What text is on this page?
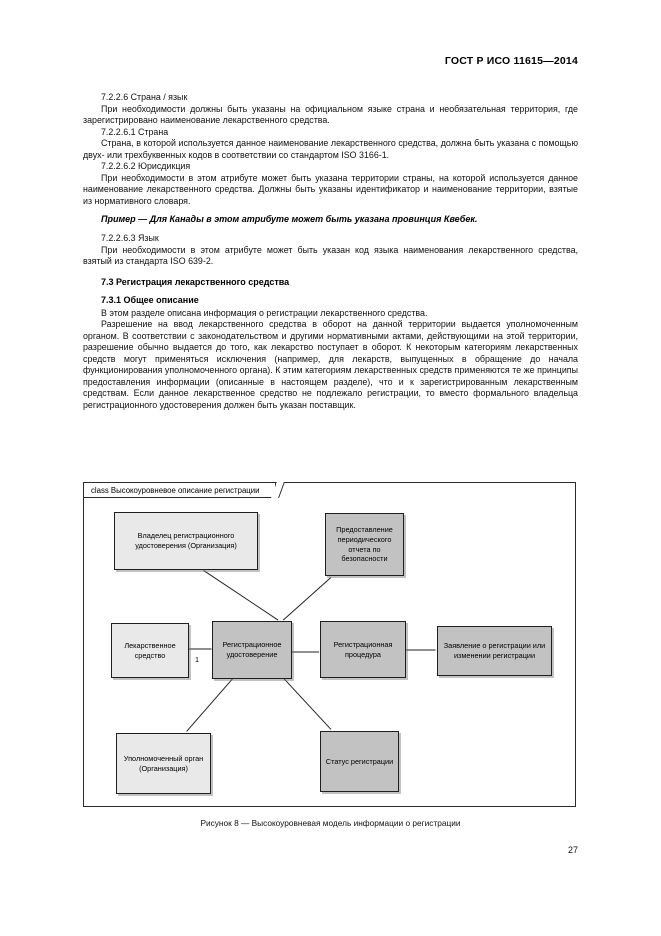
ГОСТ Р ИСО 11615—2014

7.2.2.6 Страна / язык

При необходимости должны быть указаны на официальном языке страна и необязательная территория, где зарегистрировано наименование лекарственного средства.

7.2.2.6.1 Страна

Страна, в которой используется данное наименование лекарственного средства, должна быть указана с помощью двух- или трехбуквенных кодов в соответствии со стандартом ISO 3166-1.

7.2.2.6.2 Юрисдикция

При необходимости в этом атрибуте может быть указана территории страны, на которой используется данное наименование лекарственного средства. Должны быть указаны идентификатор и наименование территории, взятые из нормативного словаря.

Пример — Для Канады в этом атрибуте может быть указана провинция Квебек.

7.2.2.6.3 Язык

При необходимости в этом атрибуте может быть указан код языка наименования лекарственного средства, взятый из стандарта ISO 639-2.

7.3 Регистрация лекарственного средства
7.3.1 Общее описание

В этом разделе описана информация о регистрации лекарственного средства.

Разрешение на ввод лекарственного средства в оборот на данной территории выдается уполномоченным органом. В соответствии с законодательством и другими нормативными актами, действующими на этой территории, разрешение обычно выдается до того, как лекарство поступает в оборот. К некоторым категориям лекарственных средств могут применяться исключения (например, для лекарств, выпущенных в обращение до начала функционирования уполномоченного органа). К этим категориям лекарственных средств применяются те же принципы предоставления информации (описанные в настоящем разделе), что и к зарегистрированным лекарственным средствам. Если данное лекарственное средство не подлежало регистрации, то вместо формального владельца регистрационного удостоверения должен быть указан поставщик.

class Высокоуровневое описание регистрации
Владелец регистрационного удостоверения (Организация)
Предоставление периодического отчета по безопасности
Лекарственное средство
Регистрационное удостоверение
Регистрационная процедура
Заявление о регистрации или изменении регистрации
Уполномоченный орган (Организация)
Статус регистрации
1
Рисунок 8 — Высокоуровневая модель информации о регистрации
27
